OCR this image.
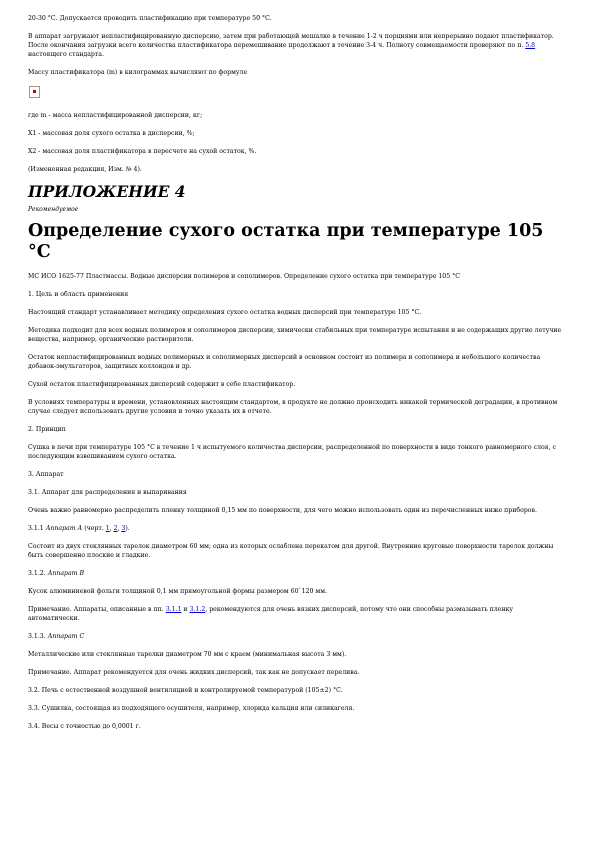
20-30 °С. Допускается проводить пластификацию при температуре 50 °С.

В аппарат загружают непластифицированную дисперсию, затем при работающей мешалке в течение 1-2 ч порциями или непрерывно подают пластификатор. После окончания загрузки всего количества пластификатора перемешивание продолжают в течение 3-4 ч. Полноту совмещаемости проверяют по п. 5.8 настоящего стандарта.

Массу пластификатора (m) в килограммах вычисляют по формуле

где m - масса непластифицированной дисперсии, кг;

Х1 - массовая доля сухого остатка в дисперсии, %;

Х2 - массовая доля пластификатора в пересчете на сухой остаток, %.

(Измененная редакция, Изм. № 4).

ПРИЛОЖЕНИЕ 4
Рекомендуемое
Определение сухого остатка при температуре 105 °С

МС ИСО 1625-77 Пластмассы. Водные дисперсии полимеров и сополимеров. Определение сухого остатка при температуре 105 °С

1. Цель и область применения

Настоящий стандарт устанавливает методику определения сухого остатка водных дисперсий при температуре 105 °С.

Методика подходит для всех водных полимеров и сополимеров дисперсии, химически стабильных при температуре испытания и не содержащих другие летучие вещества, например, органические растворители.

Остаток непластифицированных водных полимерных и сополимерных дисперсий в основном состоит из полимера и сополимера и небольшого количества добавок-эмульгаторов, защитных коллоидов и др.

Сухой остаток пластифицированных дисперсий содержит в себе пластификатор.

В условиях температуры и времени, установленных настоящим стандартом, в продукте не должно происходить никакой термической деградации, в противном случае следует использовать другие условия и точно указать их в отчете.

2. Принцип

Сушка в печи при температуре 105 °С в течение 1 ч испытуемого количества дисперсии, распределенной по поверхности в виде тонкого равномерного слоя, с последующим взвешиванием сухого остатка.

3. Аппарат

3.1. Аппарат для распределения и выпаривания

Очень важно равномерно распределить пленку толщиной 0,15 мм по поверхности, для чего можно использовать один из перечисленных ниже приборов.

3.1.1 Аппарат А (черт. 1, 2, 3).

Состоит из двух стеклянных тарелок диаметром 60 мм; одна из которых ослаблена перекатом для другой. Внутренние круговые поверхности тарелок должны быть совершенно плоские и гладкие.

3.1.2. Аппарат В

Кусок алюминиевой фольги толщиной 0,1 мм прямоугольной формы размером 60`120 мм.

Примечание. Аппараты, описанные в пп. 3.1.1 и 3.1.2, рекомендуются для очень вязких дисперсий, потому что они способны размазывать пленку автоматически.

3.1.3. Аппарат С

Металлические или стеклянные тарелки диаметром 70 мм с краем (минимальная высота 3 мм).

Примечание. Аппарат рекомендуется для очень жидких дисперсий, так как не допускает перелива.

3.2. Печь с естественной воздушной вентиляцией и контролируемой температурой (105±2) °С.

3.3. Сушилка, состоящая из подходящего осушителя, например, хлорида кальция или силикагеля.

3.4. Весы с точностью до 0,0001 г.
